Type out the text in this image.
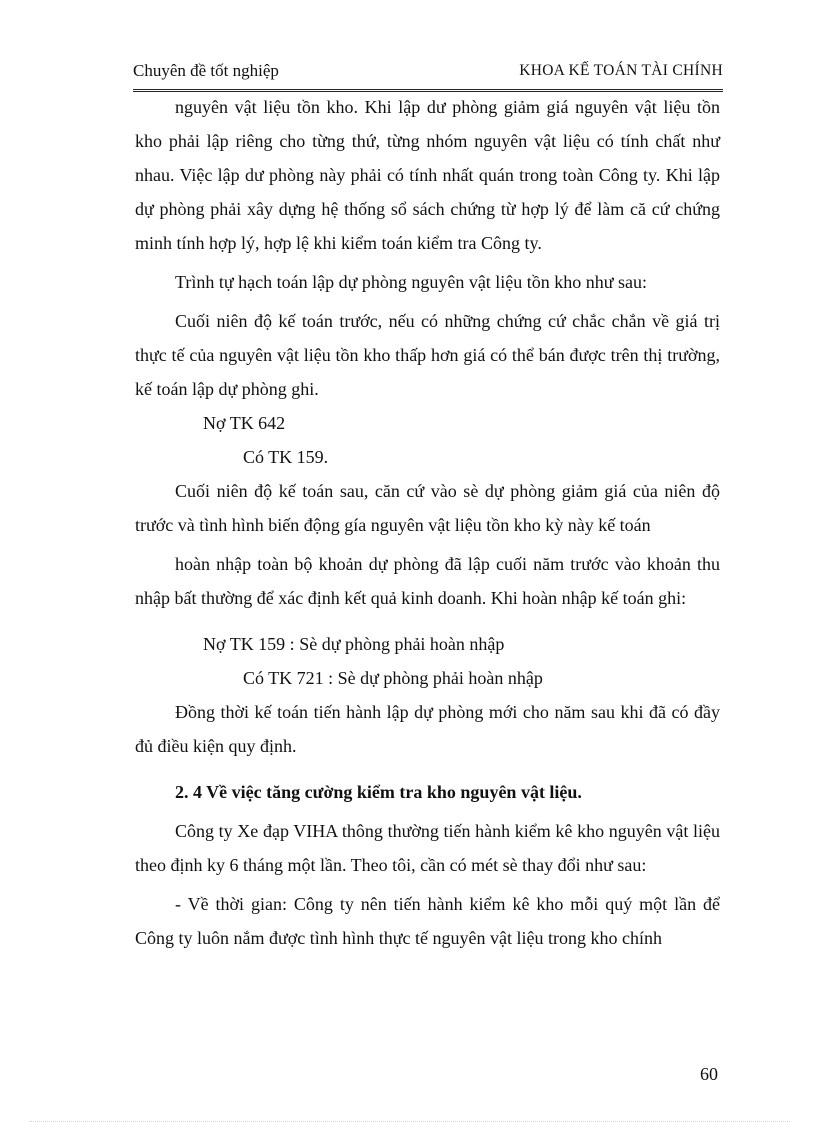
Chuyên đề tốt nghiệp	KHOA KẾ TOÁN TÀI CHÍNH

nguyên vật liệu tồn kho. Khi lập dư phòng giảm giá nguyên vật liệu tồn kho phải lập riêng cho từng thứ, từng nhóm nguyên vật liệu có tính chất như nhau. Việc lập dư phòng này phải có tính nhất quán trong toàn Công ty. Khi lập dự phòng phải xây dựng hệ thống sổ sách chứng từ hợp lý để làm că cứ chứng minh tính hợp lý, hợp lệ khi kiểm toán kiểm tra Công ty.

Trình tự hạch toán lập dự phòng nguyên vật liệu tồn kho như sau:

Cuối niên độ kế toán trước, nếu có những chứng cứ chắc chắn về giá trị thực tế của nguyên vật liệu tồn kho thấp hơn giá có thể bán được trên thị trường, kế toán lập dự phòng ghi.

Nợ TK 642

Có TK 159.

Cuối niên độ kế toán sau, căn cứ vào sè dự phòng giảm giá của niên độ trước và tình hình biến động gía nguyên vật liệu tồn kho kỳ này kế toán

hoàn nhập toàn bộ khoản dự phòng đã lập cuối năm trước vào khoản thu nhập bất thường để xác định kết quả kinh doanh. Khi hoàn nhập kế toán ghi:

Nợ TK 159 : Sè dự phòng phải hoàn nhập

Có TK 721 : Sè dự phòng phải hoàn nhập

Đồng thời kế toán tiến hành lập dự phòng mới cho năm sau khi đã có đầy đủ điều kiện quy định.

2. 4 Về việc tăng cường kiểm tra kho nguyên vật liệu.

Công ty Xe đạp VIHA thông thường tiến hành kiểm kê kho nguyên vật liệu theo định ky 6 tháng một lần. Theo tôi, cần có mét sè thay đổi như sau:

- Về thời gian: Công ty nên tiến hành kiểm kê kho mỗi quý một lần để Công ty luôn nắm được tình hình thực tế nguyên vật liệu trong kho chính

60
